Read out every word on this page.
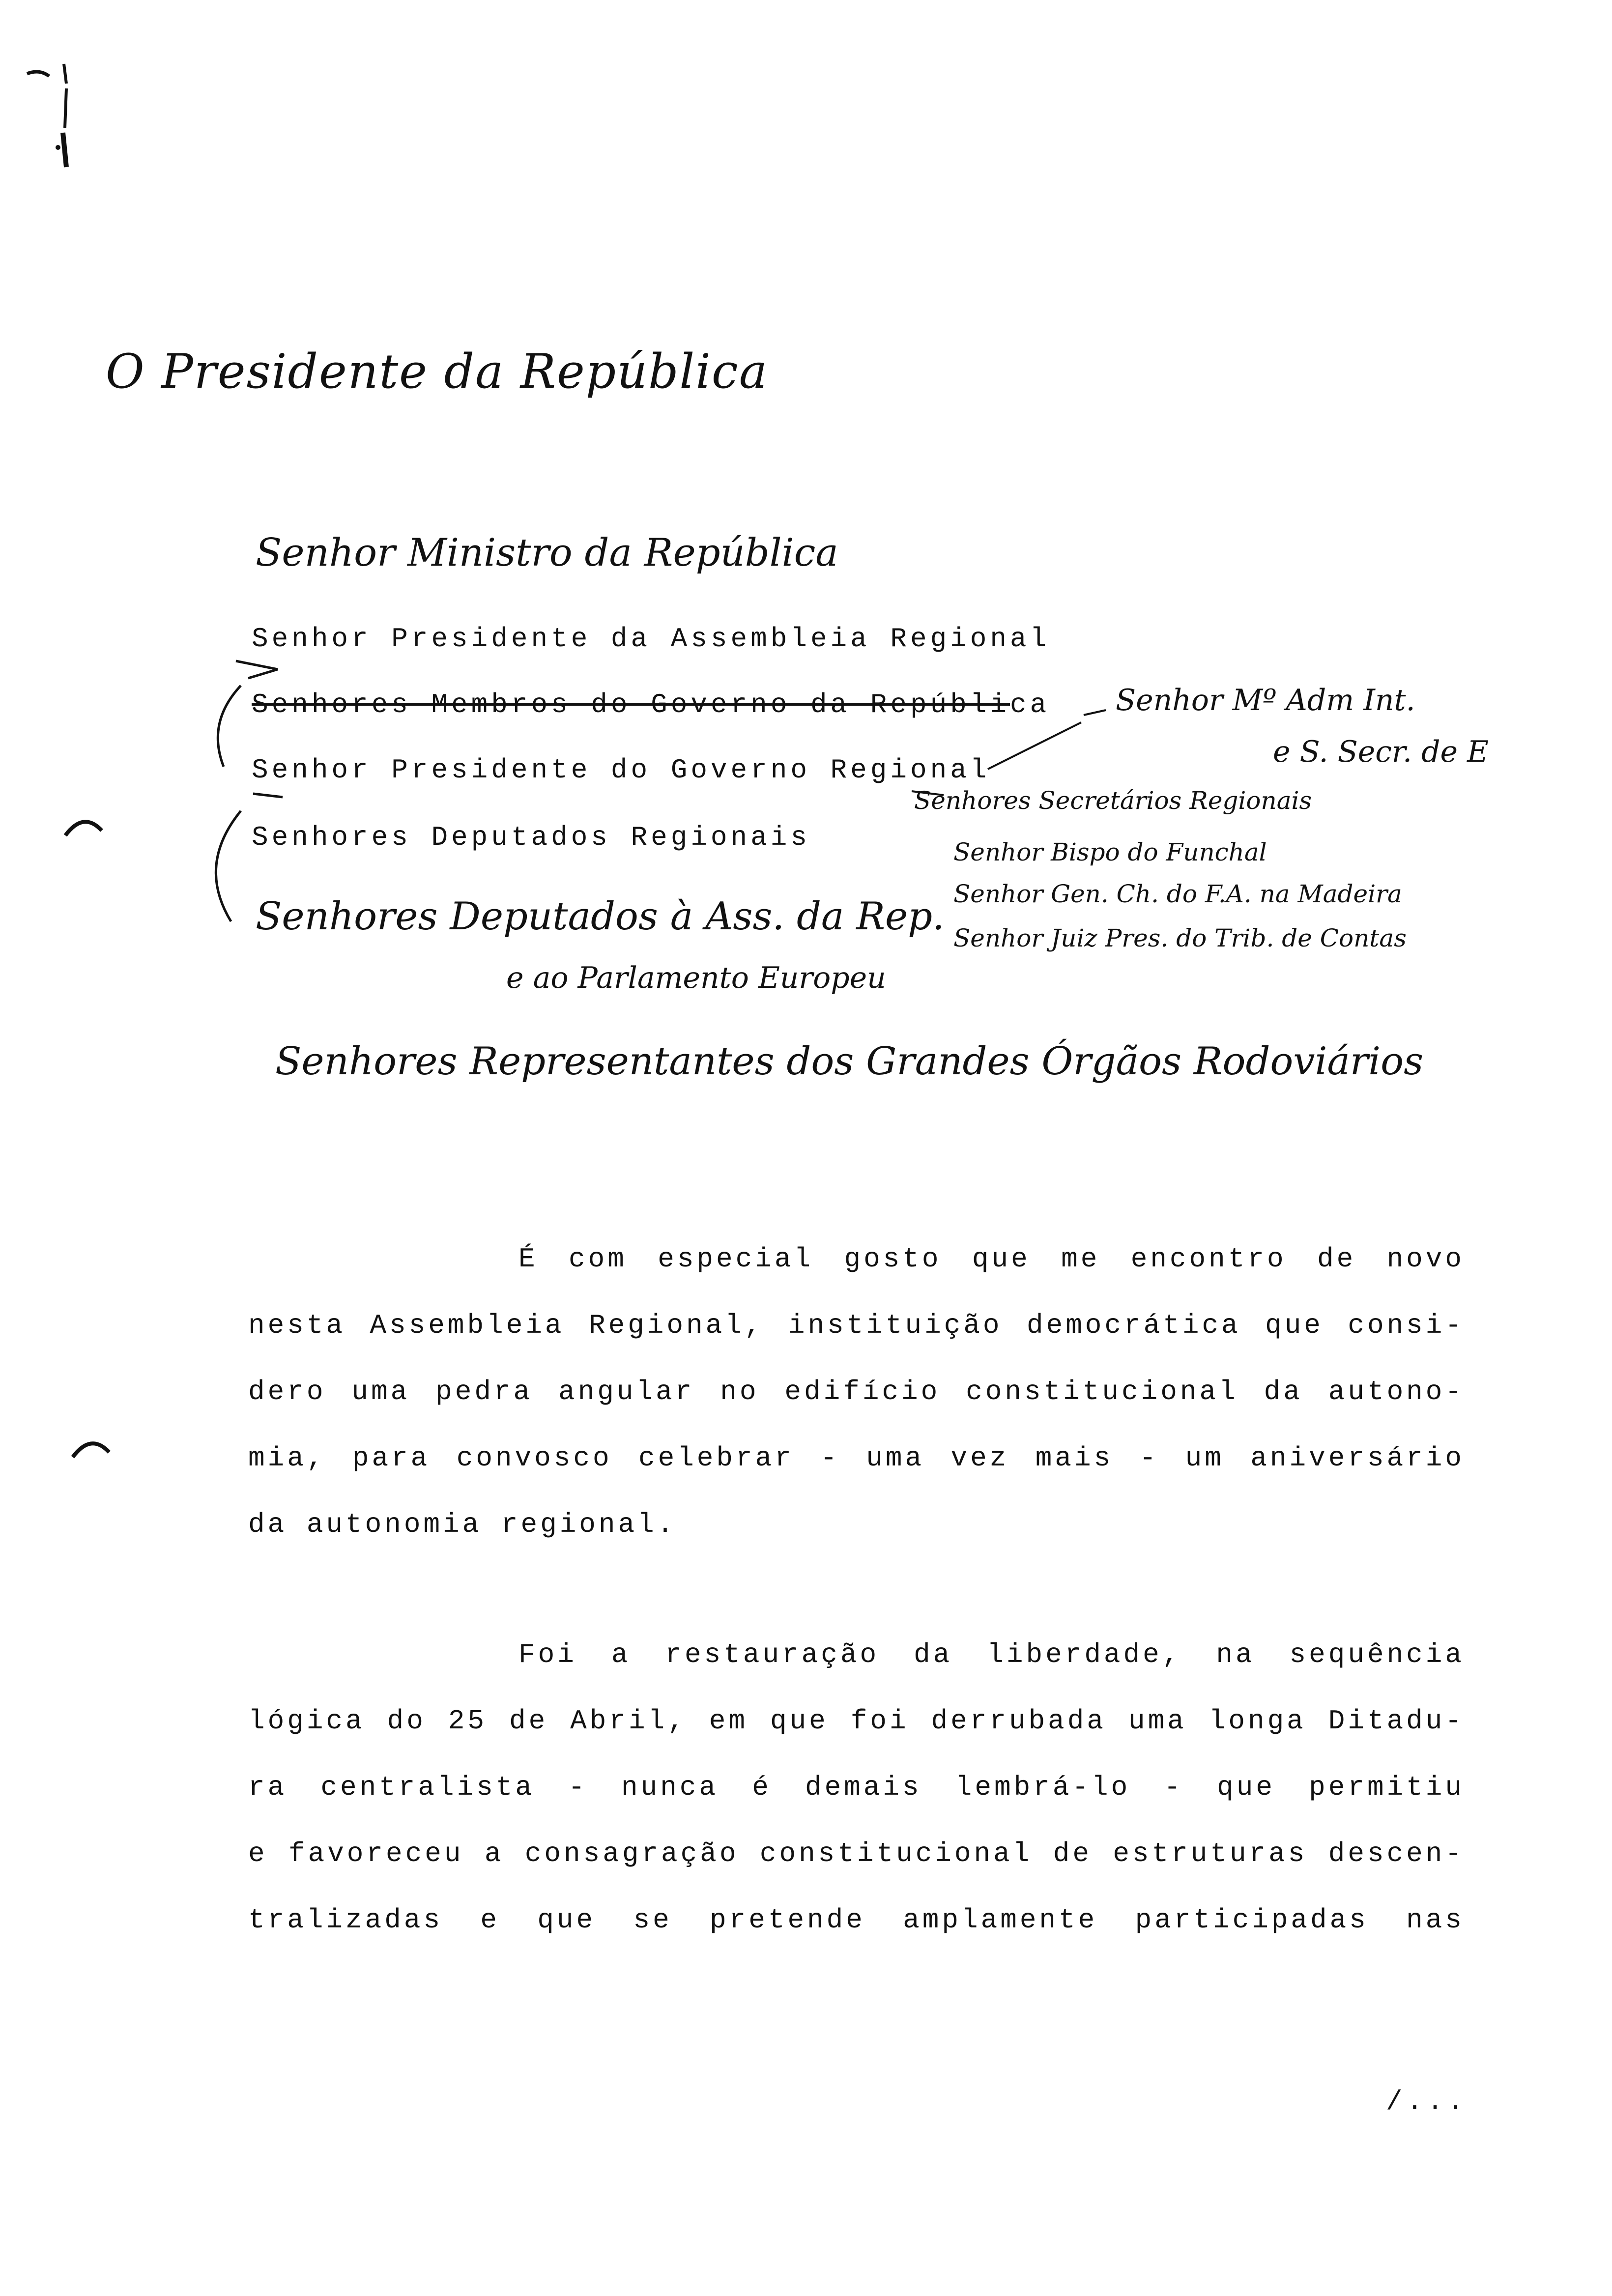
O Presidente da República
Senhor Ministro da República
Senhor Presidente da Assembleia Regional
Senhores Membros do Governo da República
Senhor Presidente do Governo Regional
Senhores Deputados Regionais
Senhor Mº Adm Int.
e S. Secr. de E
Senhores Secretários Regionais
Senhor Bispo do Funchal
Senhor Gen. Ch. do F.A. na Madeira
Senhor Juiz Pres. do Trib. de Contas
Senhores Deputados à Ass. da Rep.
e ao Parlamento Europeu
Senhores Representantes dos Grandes Órgãos Rodoviários
É com especial gosto que me encontro de novo
nesta Assembleia Regional, instituição democrática que consi-
dero uma pedra angular no edifício constitucional da autono-
mia, para convosco celebrar - uma vez mais - um aniversário
da autonomia regional.
Foi a restauração da liberdade, na sequência
lógica do 25 de Abril, em que foi derrubada uma longa Ditadu-
ra centralista - nunca é demais lembrá-lo - que permitiu
e favoreceu a consagração constitucional de estruturas descen-
tralizadas e que se pretende amplamente participadas nas
/...
